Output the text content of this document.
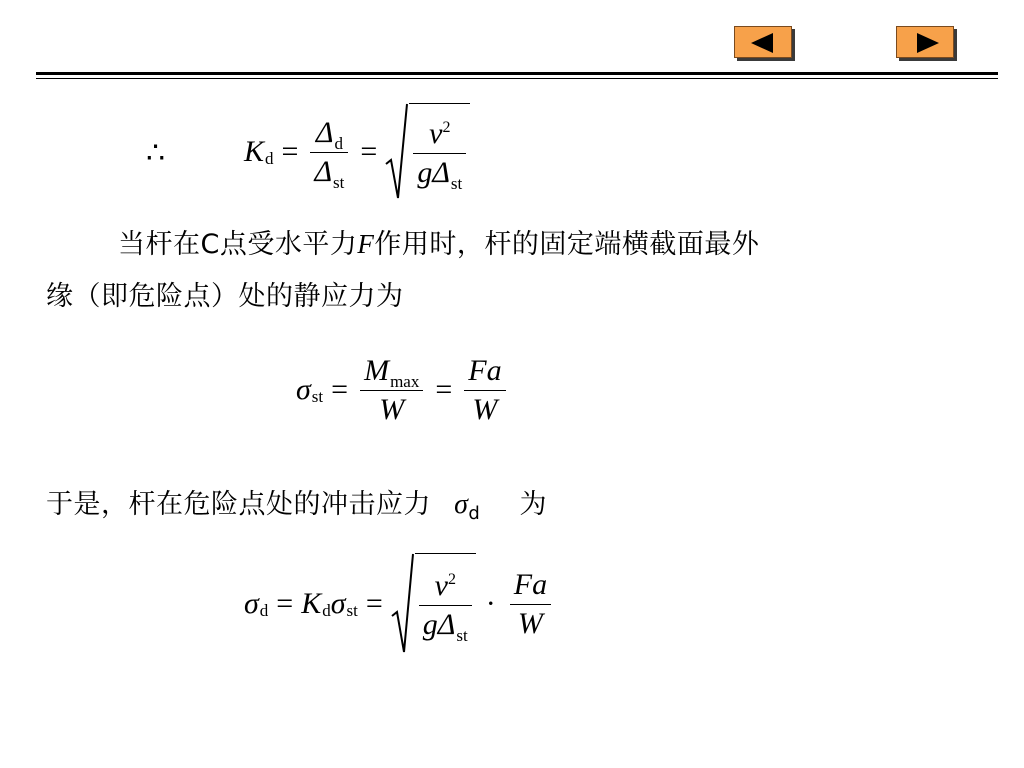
∴	K $d = \frac{\Delta_d}{\Delta_{st}} = \frac{v^2}{g\Delta_{st}}$
当杆在C点受水平力F作用时，杆的固定端横截面最外
缘（即危险点）处的静应力为
σ st = $\frac{M_{max}}{W} = \frac{Fa}{W}$
于是，杆在危险点处的冲击应力 $\sigma_d$ 为
σ d = K d σ st = $\frac{v^2}{g\Delta_{st}} \cdot \frac{Fa}{W}$
